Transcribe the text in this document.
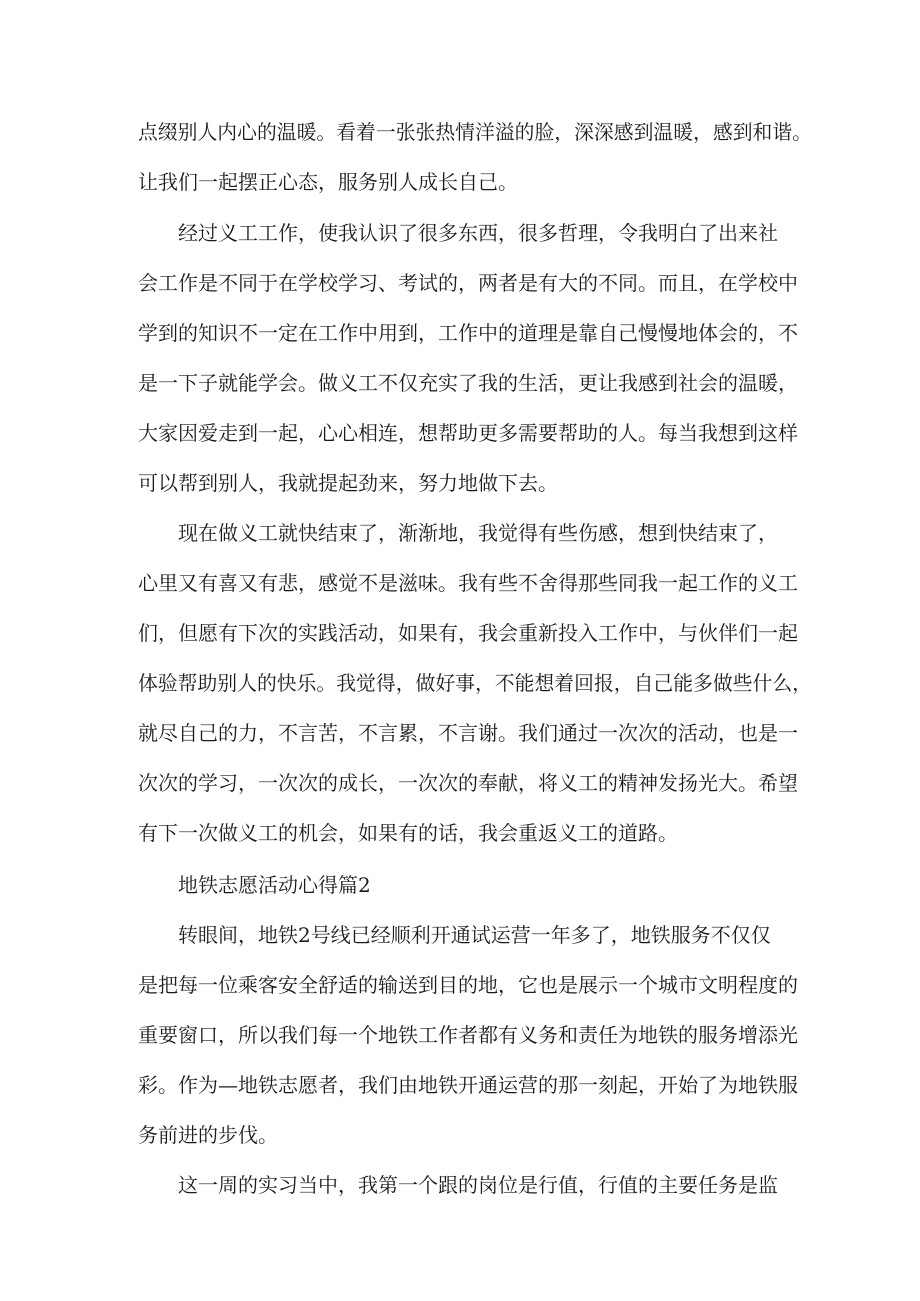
点缀别人内心的温暖。看着一张张热情洋溢的脸，深深感到温暖，感到和谐。
让我们一起摆正心态，服务别人成长自己。
经过义工工作，使我认识了很多东西，很多哲理，令我明白了出来社
会工作是不同于在学校学习、考试的，两者是有大的不同。而且，在学校中
学到的知识不一定在工作中用到，工作中的道理是靠自己慢慢地体会的，不
是一下子就能学会。做义工不仅充实了我的生活，更让我感到社会的温暖，
大家因爱走到一起，心心相连，想帮助更多需要帮助的人。每当我想到这样
可以帮到别人，我就提起劲来，努力地做下去。
现在做义工就快结束了，渐渐地，我觉得有些伤感，想到快结束了，
心里又有喜又有悲，感觉不是滋味。我有些不舍得那些同我一起工作的义工
们，但愿有下次的实践活动，如果有，我会重新投入工作中，与伙伴们一起
体验帮助别人的快乐。我觉得，做好事，不能想着回报，自己能多做些什么，
就尽自己的力，不言苦，不言累，不言谢。我们通过一次次的活动，也是一
次次的学习，一次次的成长，一次次的奉献，将义工的精神发扬光大。希望
有下一次做义工的机会，如果有的话，我会重返义工的道路。
地铁志愿活动心得篇2
转眼间，地铁2号线已经顺利开通试运营一年多了，地铁服务不仅仅
是把每一位乘客安全舒适的输送到目的地，它也是展示一个城市文明程度的
重要窗口，所以我们每一个地铁工作者都有义务和责任为地铁的服务增添光
彩。作为—地铁志愿者，我们由地铁开通运营的那一刻起，开始了为地铁服
务前进的步伐。
这一周的实习当中，我第一个跟的岗位是行值，行值的主要任务是监
